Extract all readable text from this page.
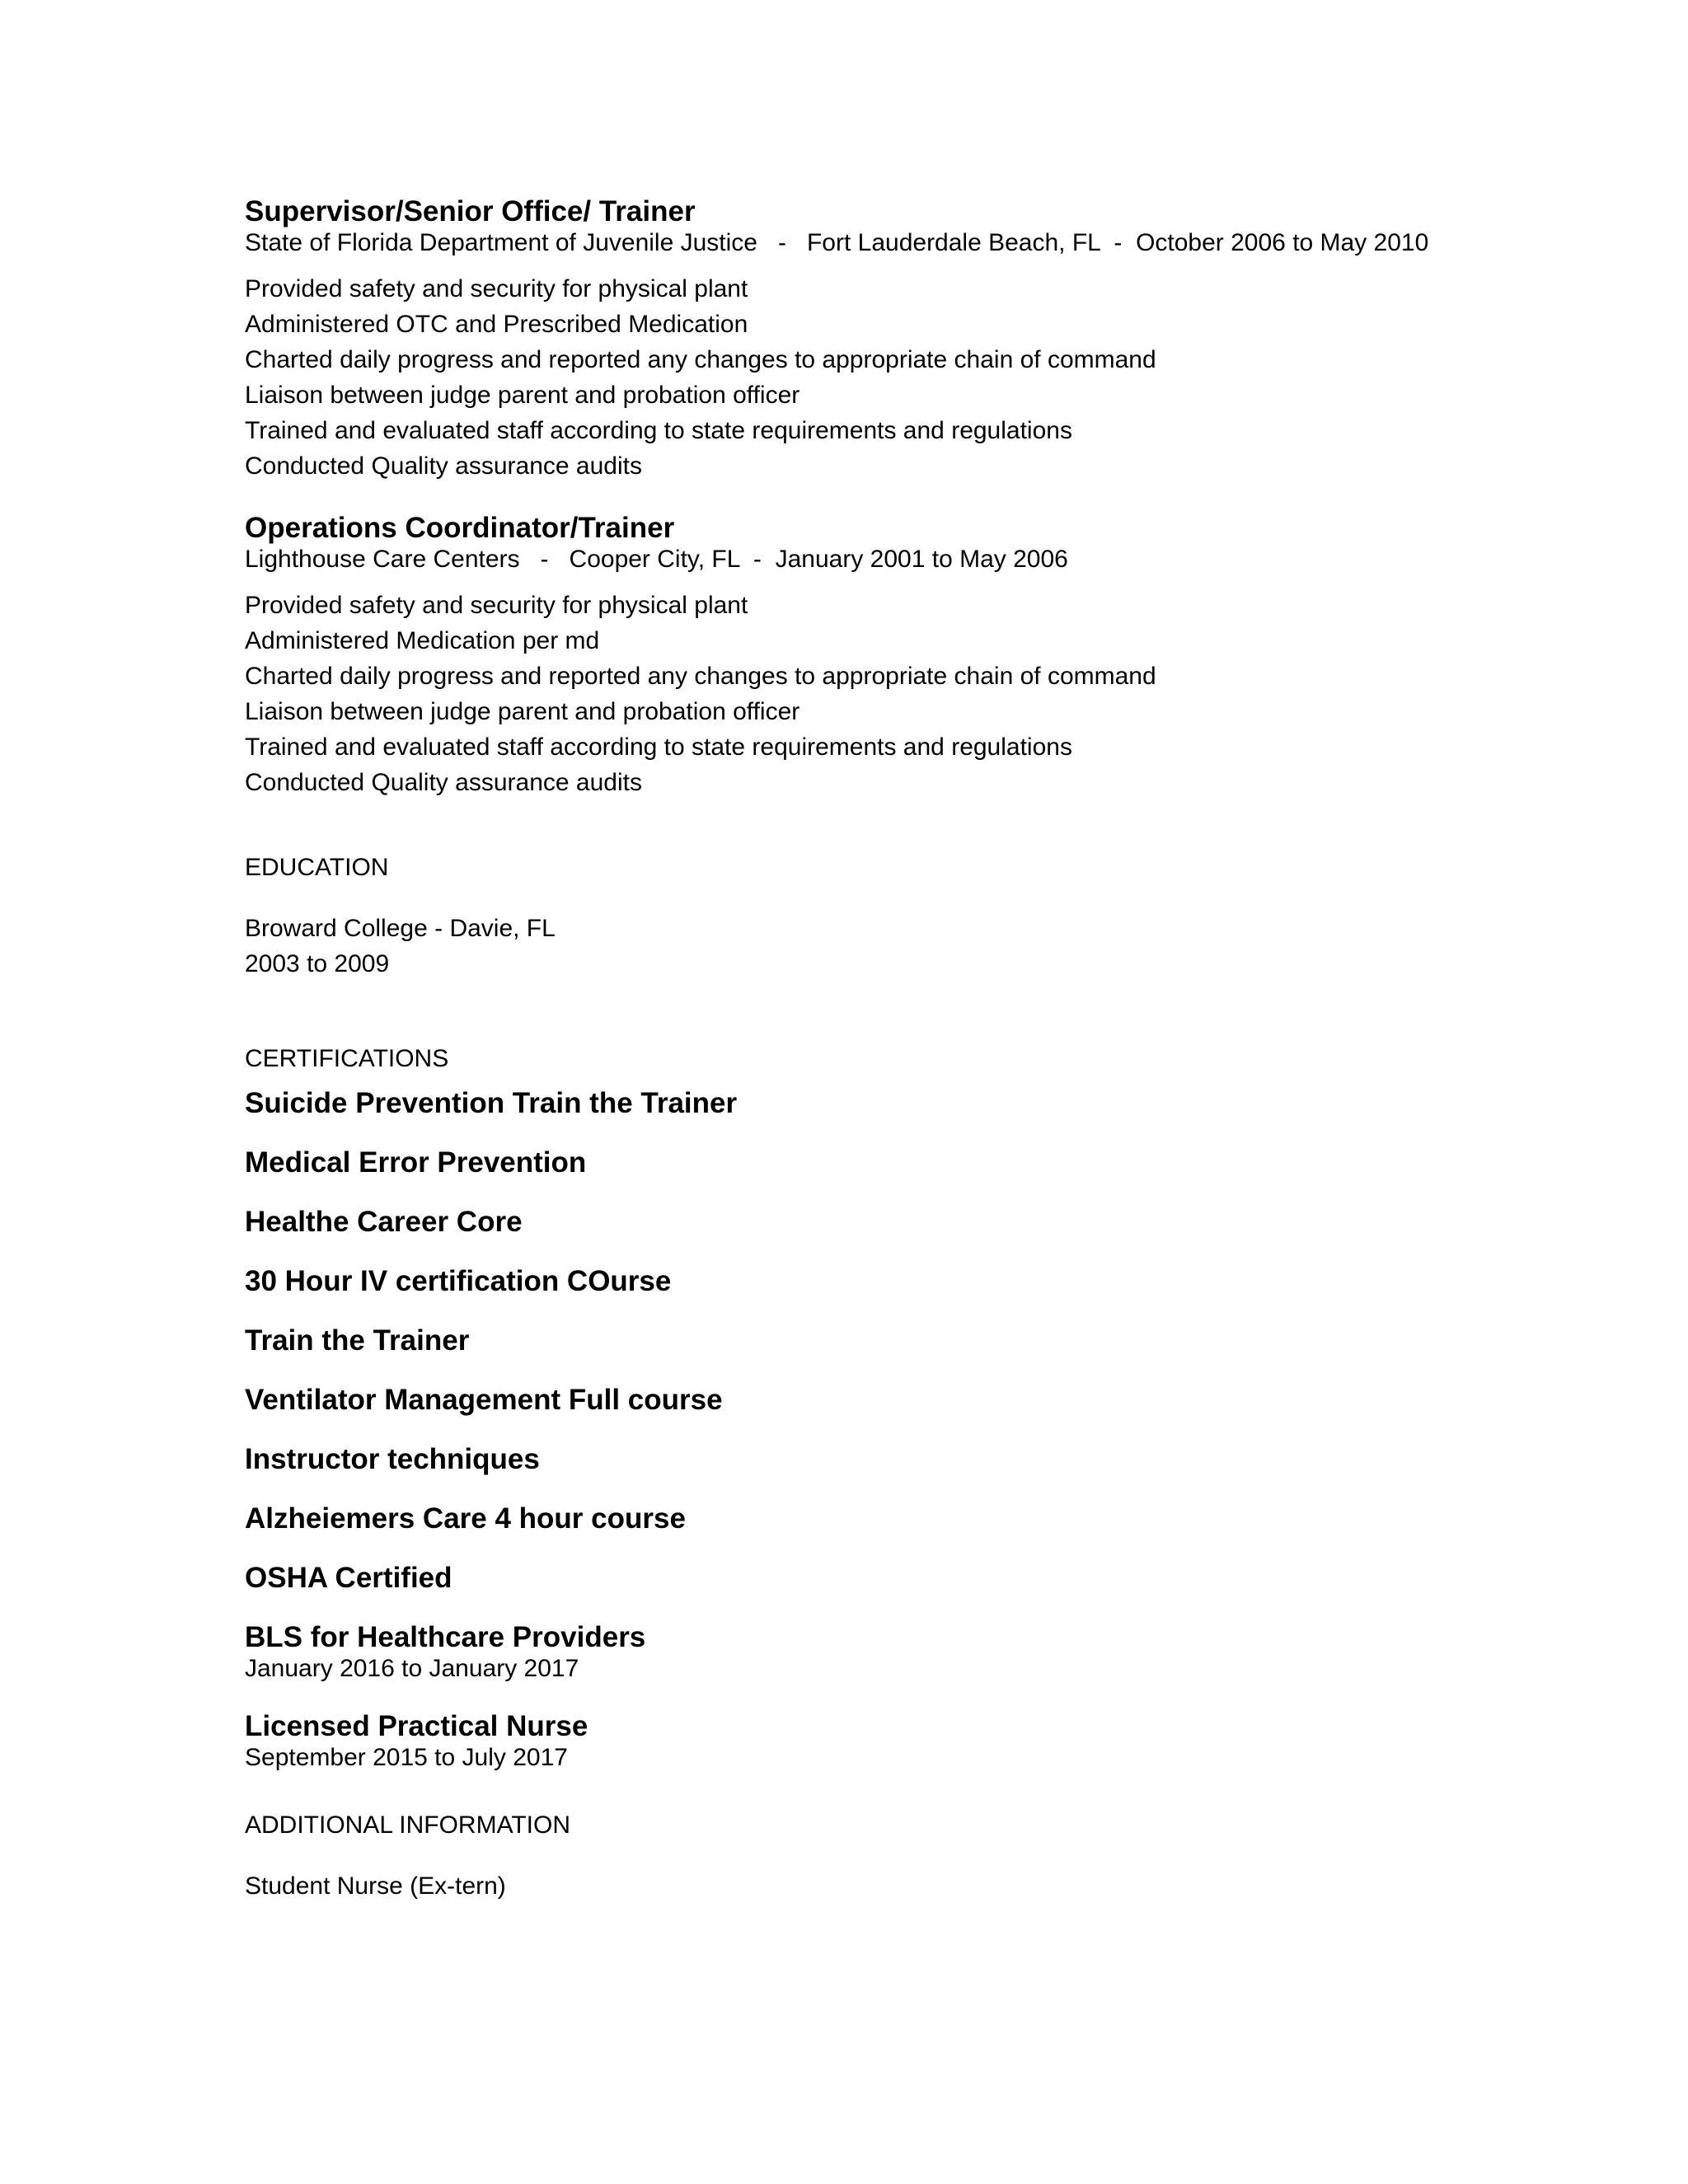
Supervisor/Senior Office/ Trainer

State of Florida Department of Juvenile Justice   -   Fort Lauderdale Beach, FL  -  October 2006 to May 2010

Provided safety and security for physical plant
Administered OTC and Prescribed Medication
Charted daily progress and reported any changes to appropriate chain of command
Liaison between judge parent and probation officer
Trained and evaluated staff according to state requirements and regulations
Conducted Quality assurance audits
Operations Coordinator/Trainer

Lighthouse Care Centers   -   Cooper City, FL  -  January 2001 to May 2006

Provided safety and security for physical plant
Administered Medication per md
Charted daily progress and reported any changes to appropriate chain of command
Liaison between judge parent and probation officer
Trained and evaluated staff according to state requirements and regulations
Conducted Quality assurance audits
EDUCATION
Broward College - Davie, FL
2003 to 2009
CERTIFICATIONS
Suicide Prevention Train the Trainer
Medical Error Prevention
Healthe Career Core
30 Hour IV certification COurse
Train the Trainer
Ventilator Management Full course
Instructor techniques
Alzheiemers Care 4 hour course
OSHA Certified
BLS for Healthcare Providers
January 2016 to January 2017
Licensed Practical Nurse
September 2015 to July 2017
ADDITIONAL INFORMATION
Student Nurse (Ex-tern)
